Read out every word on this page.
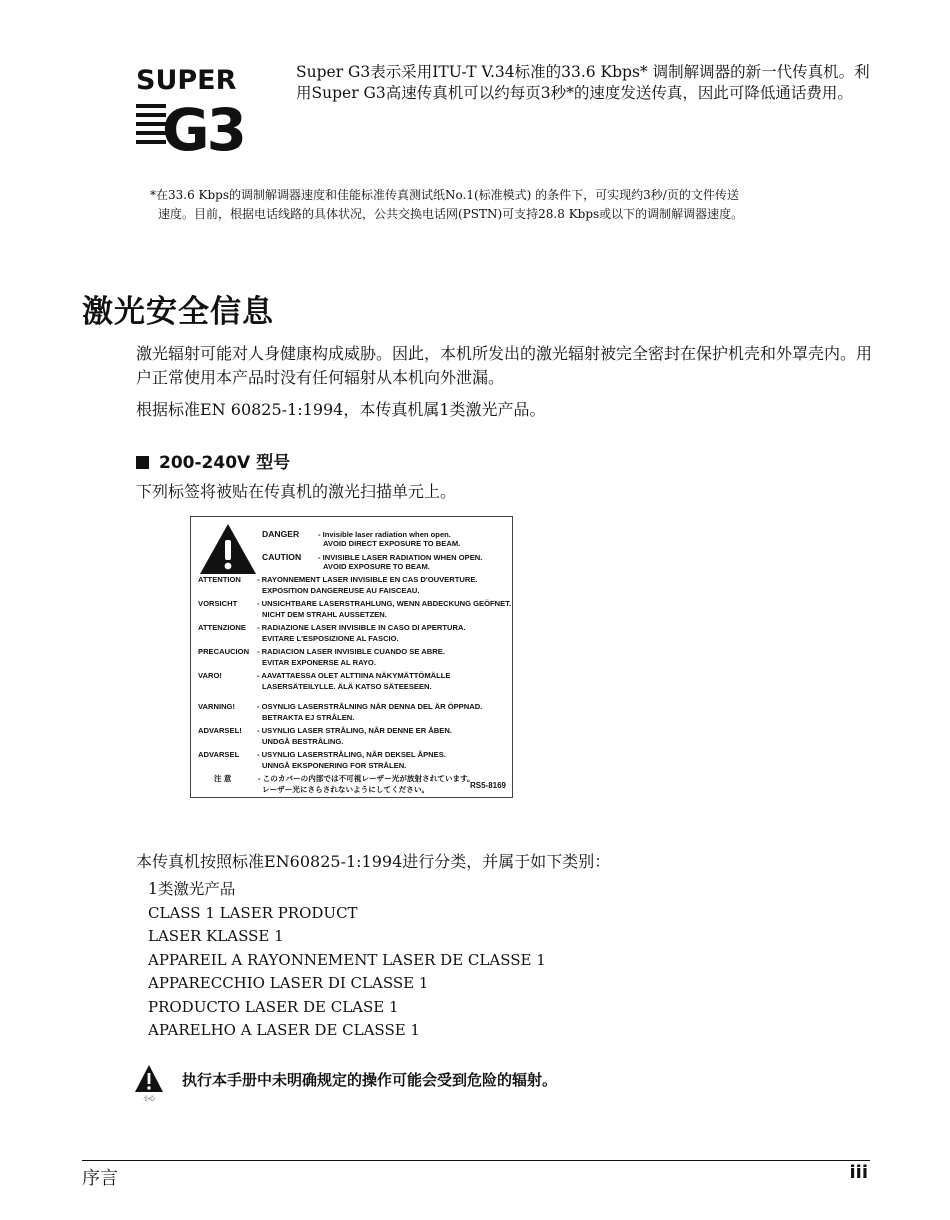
SUPER
G3
Super G3表示采用ITU-T V.34标准的33.6 Kbps* 调制解调器的新一代传真机。利用Super G3高速传真机可以约每页3秒*的速度发送传真，因此可降低通话费用。
*在33.6 Kbps的调制解调器速度和佳能标准传真测试纸No.1(标准模式) 的条件下，可实现约3秒/页的文件传送
速度。目前，根据电话线路的具体状况，公共交换电话网(PSTN)可支持28.8 Kbps或以下的调制解调器速度。
激光安全信息
激光辐射可能对人身健康构成威胁。因此，本机所发出的激光辐射被完全密封在保护机壳和外罩壳内。用户正常使用本产品时没有任何辐射从本机向外泄漏。
根据标准EN 60825-1:1994，本传真机属1类激光产品。
200-240V 型号
下列标签将被贴在传真机的激光扫描单元上。
DANGER - Invisible laser radiation when open.
AVOID DIRECT EXPOSURE TO BEAM.
CAUTION - INVISIBLE LASER RADIATION WHEN OPEN.
AVOID EXPOSURE TO BEAM.
ATTENTION - RAYONNEMENT LASER INVISIBLE EN CAS D'OUVERTURE.
EXPOSITION DANGEREUSE AU FAISCEAU.
VORSICHT	- UNSICHTBARE LASERSTRAHLUNG, WENN ABDECKUNG GEÖFNET.
NICHT DEM STRAHL AUSSETZEN.
ATTENZIONE - RADIAZIONE LASER INVISIBLE IN CASO DI APERTURA.
EVITARE L'ESPOSIZIONE AL FASCIO.
PRECAUCION - RADIACION LASER INVISIBLE CUANDO SE ABRE.
EVITAR EXPONERSE AL RAYO.
VARO!	- AAVATTAESSA OLET ALTTIINA NÄKYMÄTTÖMÄLLE
LASERSÄTEILYLLE. ÄLÄ KATSO SÄTEESEEN.
VARNING!	- OSYNLIG LASERSTRÅLNING NÄR DENNA DEL ÄR ÖPPNAD.
BETRAKTA EJ STRÅLEN.
ADVARSEL! - USYNLIG LASER STRÅLING, NÅR DENNE ER ÅBEN.
UNDGÅ BESTRÅLING.
ADVARSEL - USYNLIG LASERSTRÅLING, NÅR DEKSEL ÅPNES.
UNNGÅ EKSPONERING FOR STRÅLEN.
注 意	- このカバーの内部では不可視レーザー光が放射されています。
レーザー光にさらされないようにしてください。	RS5-8169
本传真机按照标准EN60825-1:1994进行分类，并属于如下类别：
1类激光产品
CLASS 1 LASER PRODUCT
LASER KLASSE 1
APPAREIL A RAYONNEMENT LASER DE CLASSE 1
APPARECCHIO LASER DI CLASSE 1
PRODUCTO LASER DE CLASE 1
APARELHO A LASER DE CLASSE 1
小心
执行本手册中未明确规定的操作可能会受到危险的辐射。
序言	iii
